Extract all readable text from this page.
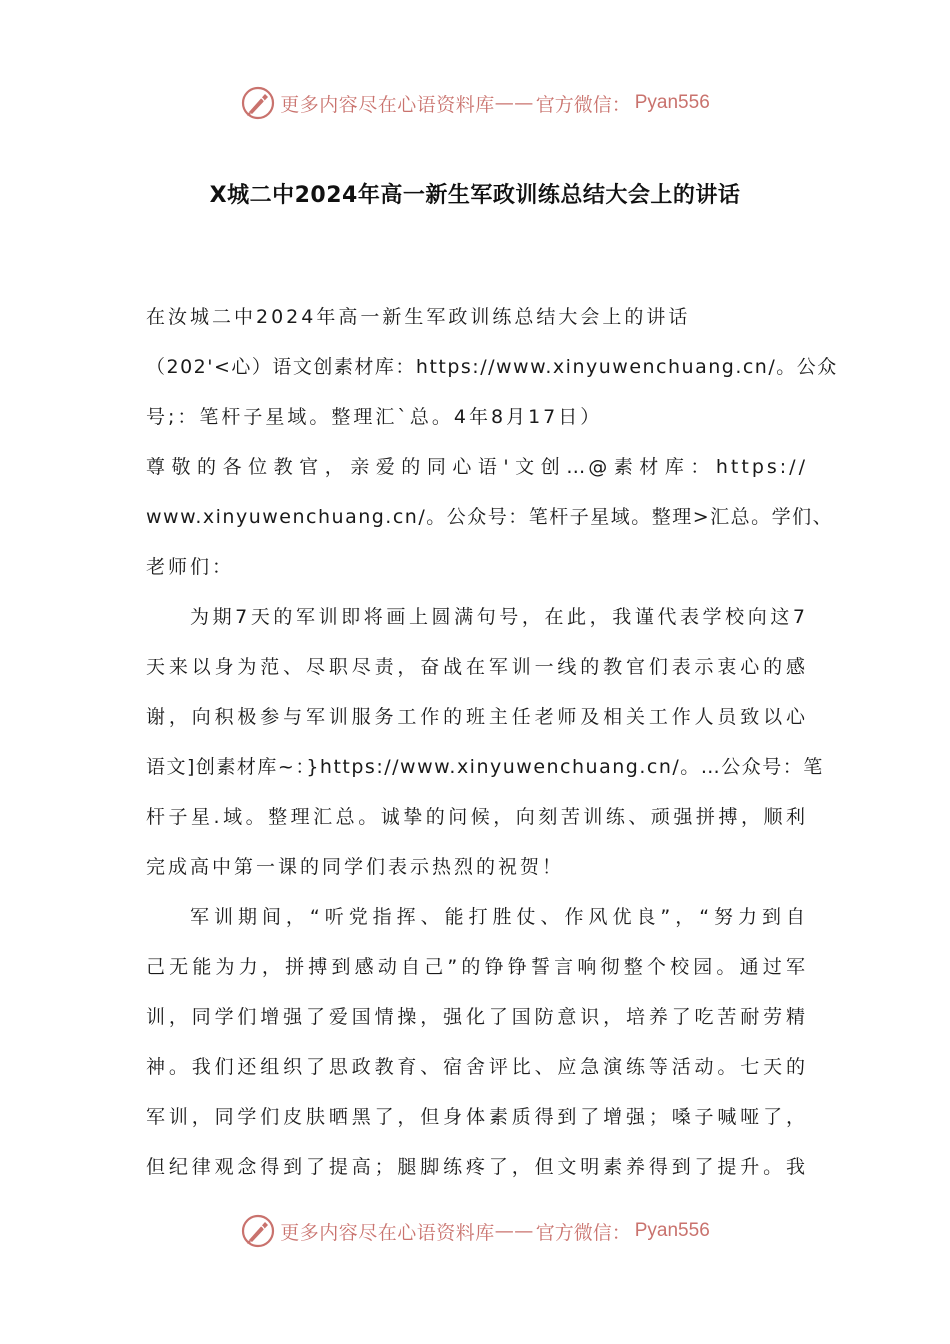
更多内容尽在心语资料库 —— 官方微信： Pyan556
X城二中2024年高一新生军政训练总结大会上的讲话
在汝城二中2024年高一新生军政训练总结大会上的讲话
（202'<心）语文创素材库：https://www.xinyuwenchuang.cn/。公众
号;：笔杆子星域。整理汇`总。4年8月17日）
尊敬的各位教官，亲爱的同心语'文创…@素材库：https://
www.xinyuwenchuang.cn/。公众号：笔杆子星域。整理>汇总。学们、
老师们：
为期7天的军训即将画上圆满句号，在此，我谨代表学校向这7
天来以身为范、尽职尽责，奋战在军训一线的教官们表示衷心的感
谢，向积极参与军训服务工作的班主任老师及相关工作人员致以心
语文]创素材库~：}https://www.xinyuwenchuang.cn/。…公众号：笔
杆子星.域。整理汇总。诚挚的问候，向刻苦训练、顽强拼搏，顺利
完成高中第一课的同学们表示热烈的祝贺！
军训期间，“听党指挥、能打胜仗、作风优良”，“努力到自
己无能为力，拼搏到感动自己”的铮铮誓言响彻整个校园。通过军
训，同学们增强了爱国情操，强化了国防意识，培养了吃苦耐劳精
神。我们还组织了思政教育、宿舍评比、应急演练等活动。七天的
军训，同学们皮肤晒黑了，但身体素质得到了增强；嗓子喊哑了，
但纪律观念得到了提高；腿脚练疼了，但文明素养得到了提升。我
更多内容尽在心语资料库 —— 官方微信： Pyan556
